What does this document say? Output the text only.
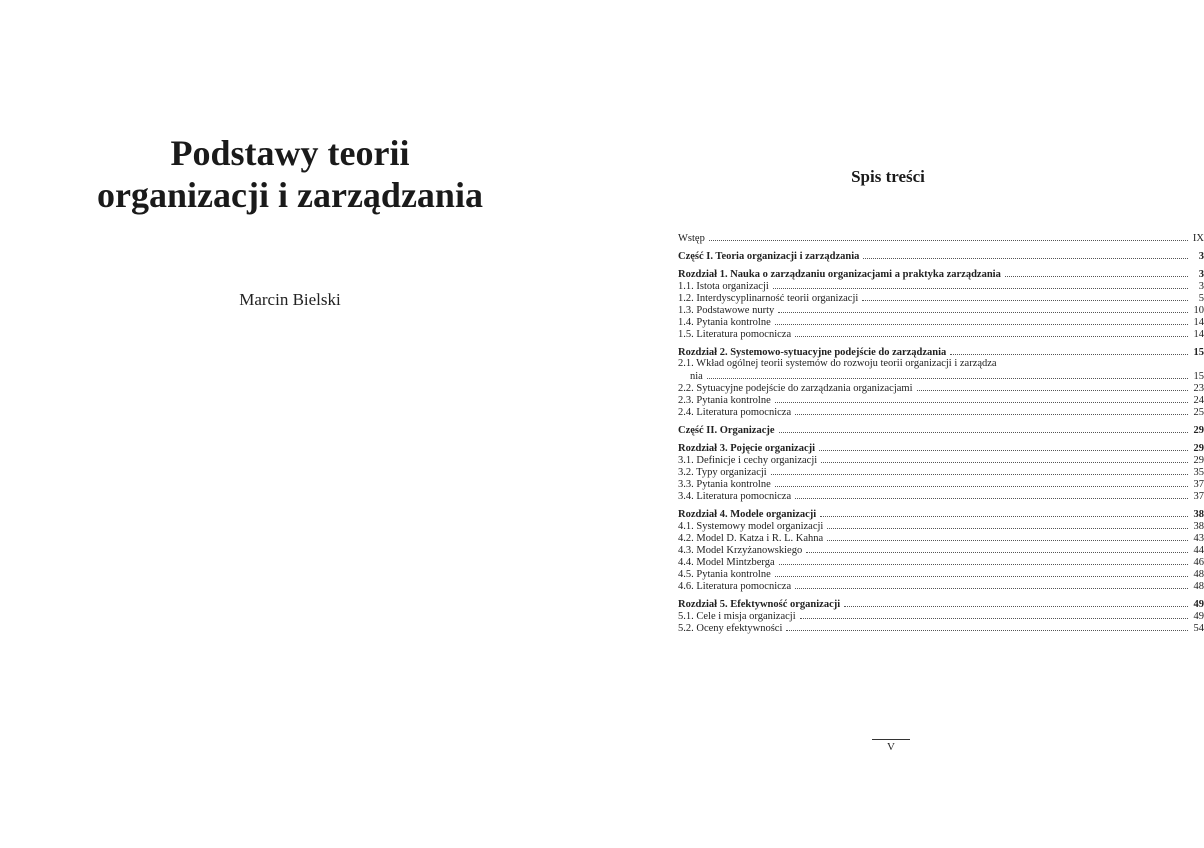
Podstawy teorii
organizacji i zarządzania
Marcin Bielski
Spis treści
Wstęp	IX
Część I. Teoria organizacji i zarządzania	3
Rozdział 1. Nauka o zarządzaniu organizacjami a praktyka zarządzania	3
1.1. Istota organizacji	3
1.2. Interdyscyplinarność teorii organizacji	5
1.3. Podstawowe nurty	10
1.4. Pytania kontrolne	14
1.5. Literatura pomocnicza	14
Rozdział 2. Systemowo-sytuacyjne podejście do zarządzania	15
2.1. Wkład ogólnej teorii systemów do rozwoju teorii organizacji i zarządza
nia	15
2.2. Sytuacyjne podejście do zarządzania organizacjami	23
2.3. Pytania kontrolne	24
2.4. Literatura pomocnicza	25
Część II. Organizacje	29
Rozdział 3. Pojęcie organizacji	29
3.1. Definicje i cechy organizacji	29
3.2. Typy organizacji	35
3.3. Pytania kontrolne	37
3.4. Literatura pomocnicza	37
Rozdział 4. Modele organizacji	38
4.1. Systemowy model organizacji	38
4.2. Model D. Katza i R. L. Kahna	43
4.3. Model Krzyżanowskiego	44
4.4. Model Mintzberga	46
4.5. Pytania kontrolne	48
4.6. Literatura pomocnicza	48
Rozdział 5. Efektywność organizacji	49
5.1. Cele i misja organizacji	49
5.2. Oceny efektywności	54
V
